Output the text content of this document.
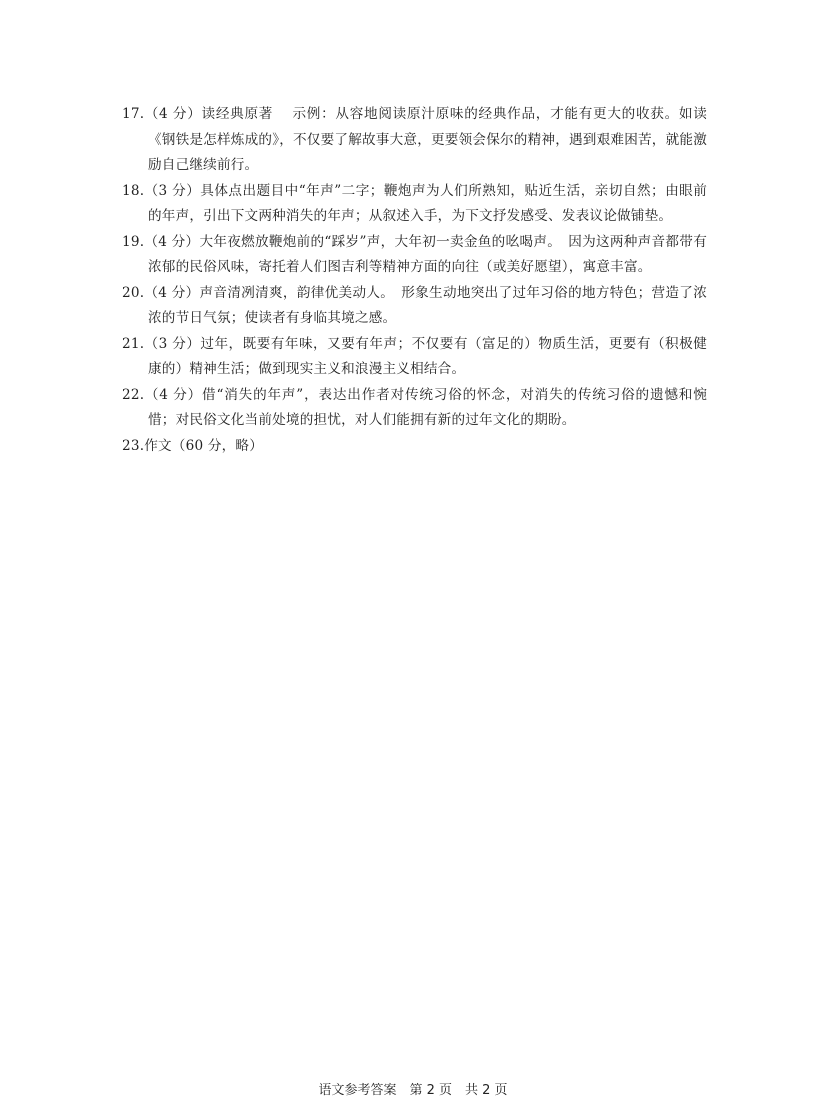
17.（4 分）读经典原著　 示例：从容地阅读原汁原味的经典作品，才能有更大的收获。如读《钢铁是怎样炼成的》，不仅要了解故事大意，更要领会保尔的精神，遇到艰难困苦，就能激励自己继续前行。
18.（3 分）具体点出题目中“年声”二字；鞭炮声为人们所熟知，贴近生活，亲切自然；由眼前的年声，引出下文两种消失的年声；从叙述入手，为下文抒发感受、发表议论做铺垫。
19.（4 分）大年夜燃放鞭炮前的“踩岁”声，大年初一卖金鱼的吆喝声。　因为这两种声音都带有浓郁的民俗风味，寄托着人们图吉利等精神方面的向往（或美好愿望），寓意丰富。
20.（4 分）声音清冽清爽，韵律优美动人。　形象生动地突出了过年习俗的地方特色；营造了浓浓的节日气氛；使读者有身临其境之感。
21.（3 分）过年，既要有年味，又要有年声；不仅要有（富足的）物质生活，更要有（积极健康的）精神生活；做到现实主义和浪漫主义相结合。
22.（4 分）借“消失的年声”，表达出作者对传统习俗的怀念，对消失的传统习俗的遗憾和惋惜；对民俗文化当前处境的担忧，对人们能拥有新的过年文化的期盼。
23.作文（60 分，略）
语文参考答案　第 2 页　共 2 页
